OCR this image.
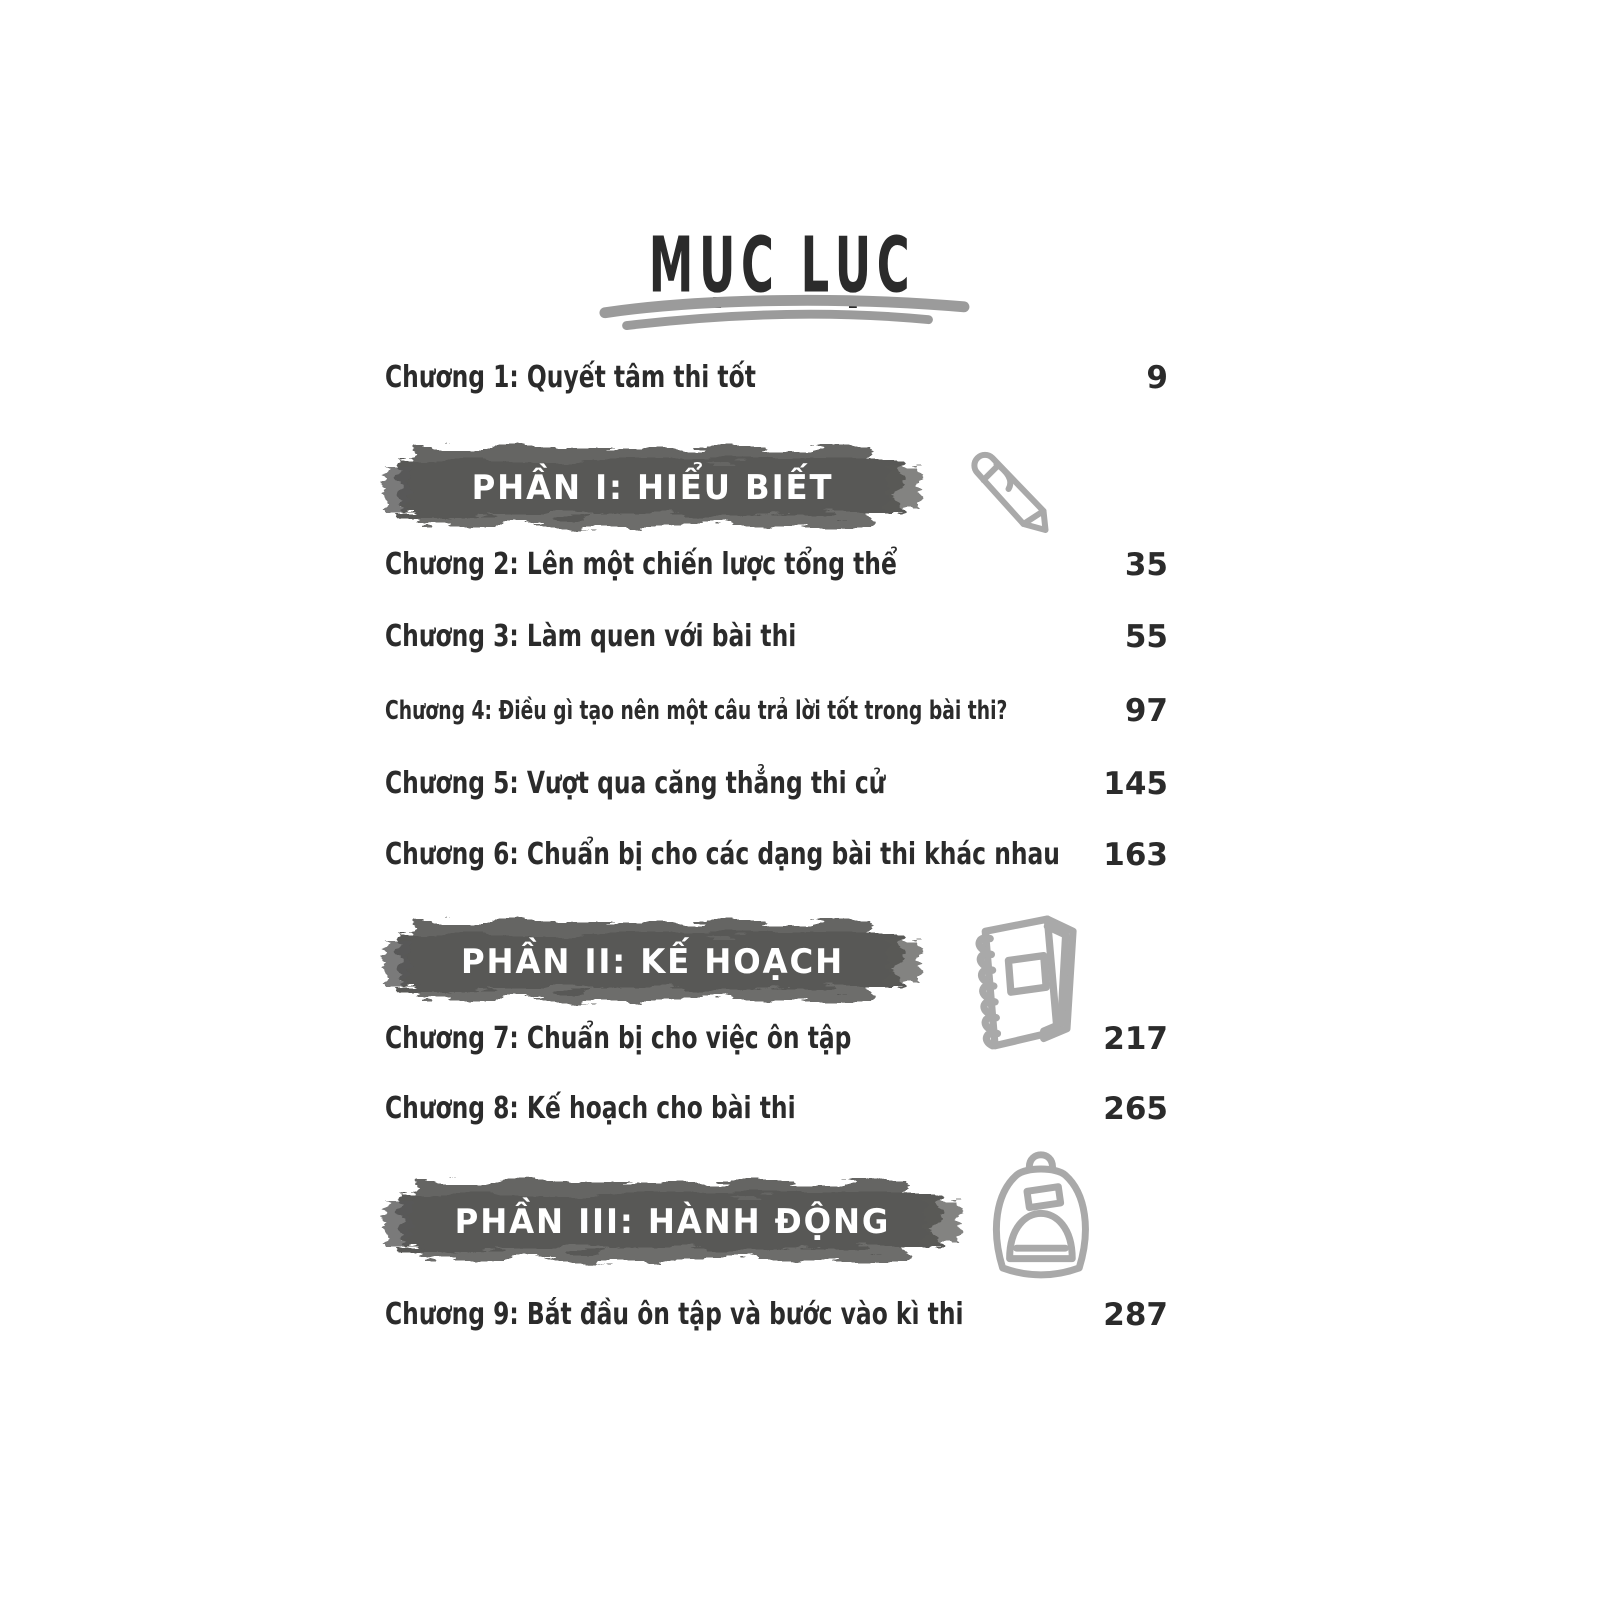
MỤC LỤC
Chương 1: Quyết tâm thi tốt	9
PHẦN I: HIỂU BIẾT
Chương 2: Lên một chiến lược tổng thể	35
Chương 3: Làm quen với bài thi	55
Chương 4: Điều gì tạo nên một câu trả lời tốt trong bài thi?	97
Chương 5: Vượt qua căng thẳng thi cử	145
Chương 6: Chuẩn bị cho các dạng bài thi khác nhau	163
PHẦN II: KẾ HOẠCH
Chương 7: Chuẩn bị cho việc ôn tập	217
Chương 8: Kế hoạch cho bài thi	265
PHẦN III: HÀNH ĐỘNG
Chương 9: Bắt đầu ôn tập và bước vào kì thi	287
